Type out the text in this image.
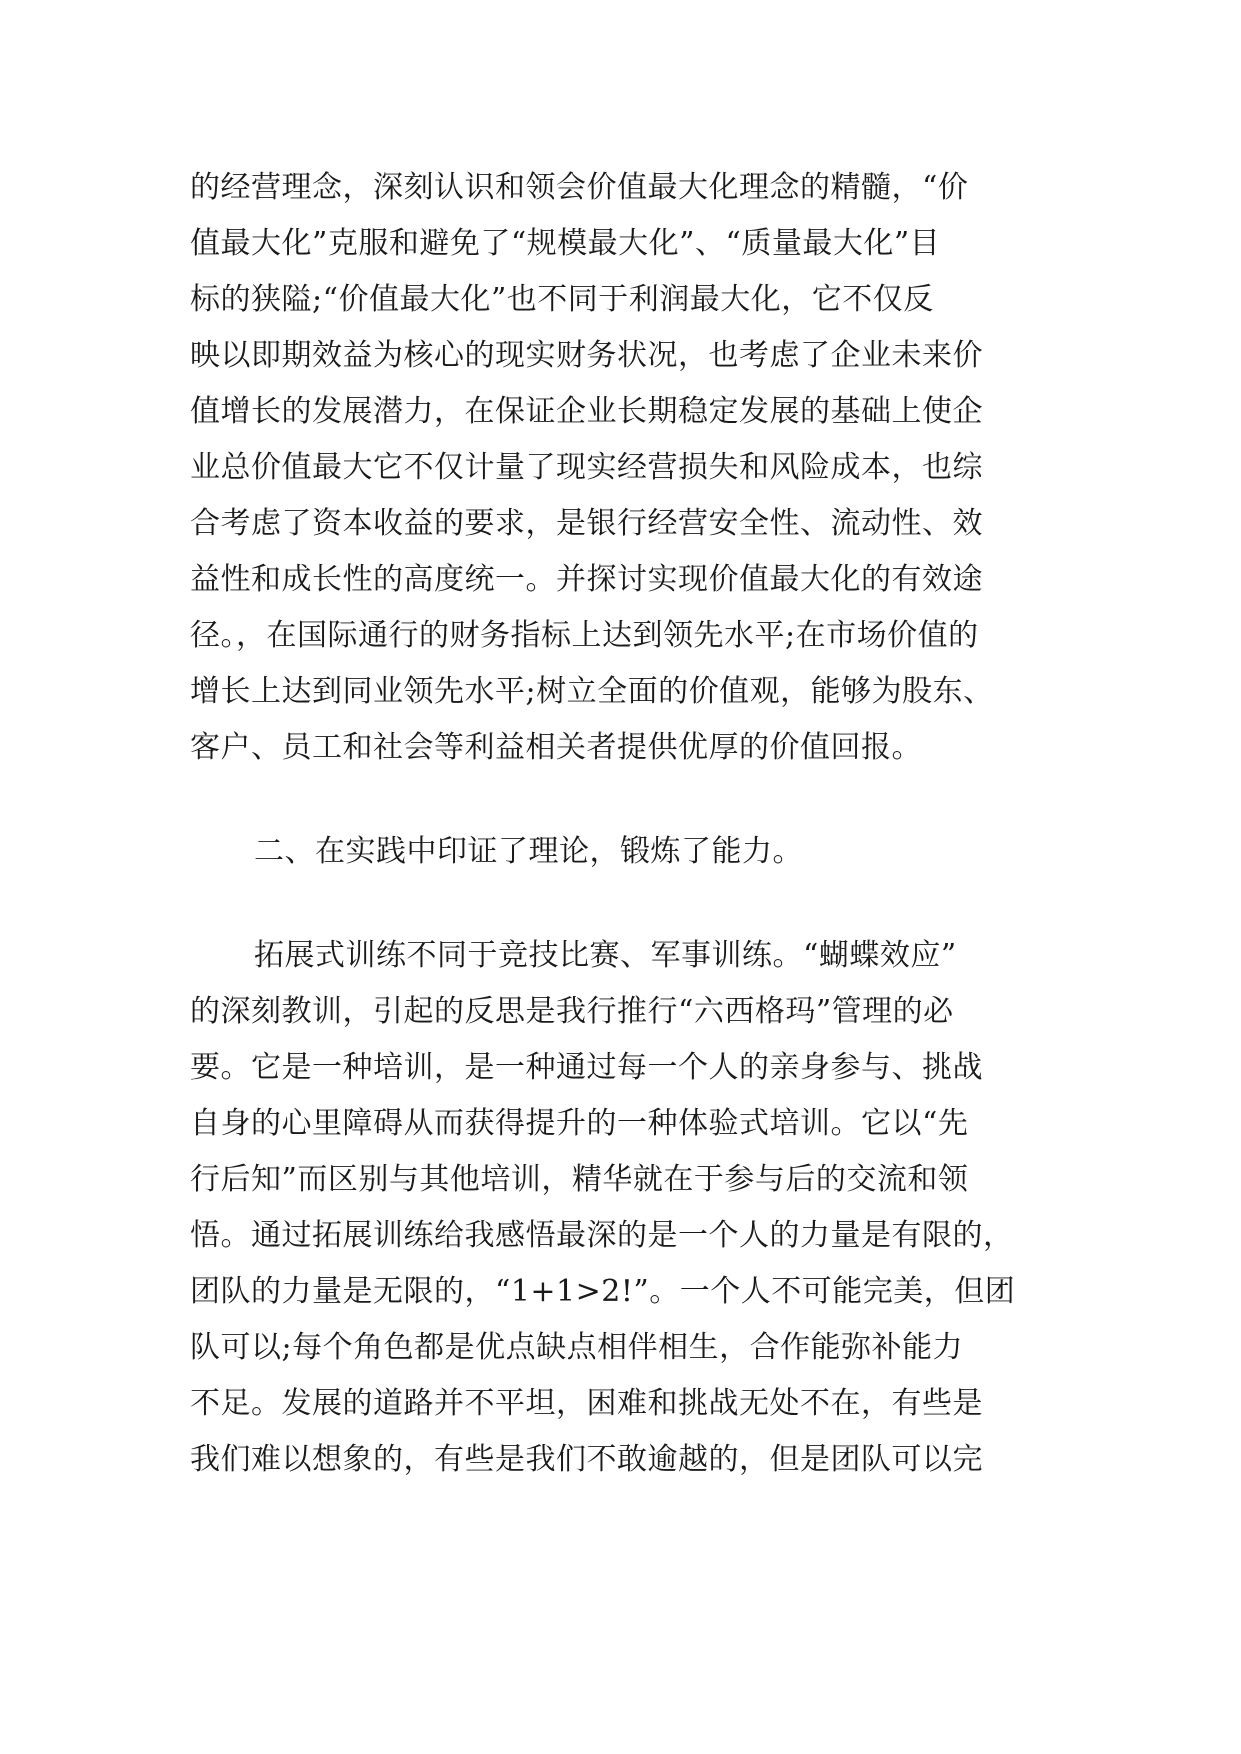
的经营理念，深刻认识和领会价值最大化理念的精髓，“价
值最大化”克服和避免了“规模最大化”、“质量最大化”目
标的狭隘;“价值最大化”也不同于利润最大化，它不仅反
映以即期效益为核心的现实财务状况，也考虑了企业未来价
值增长的发展潜力，在保证企业长期稳定发展的基础上使企
业总价值最大它不仅计量了现实经营损失和风险成本，也综
合考虑了资本收益的要求，是银行经营安全性、流动性、效
益性和成长性的高度统一。并探讨实现价值最大化的有效途
径。，在国际通行的财务指标上达到领先水平;在市场价值的
增长上达到同业领先水平;树立全面的价值观，能够为股东、
客户、员工和社会等利益相关者提供优厚的价值回报。
二、在实践中印证了理论，锻炼了能力。
拓展式训练不同于竞技比赛、军事训练。“蝴蝶效应”
的深刻教训，引起的反思是我行推行“六西格玛”管理的必
要。它是一种培训，是一种通过每一个人的亲身参与、挑战
自身的心里障碍从而获得提升的一种体验式培训。它以“先
行后知”而区别与其他培训，精华就在于参与后的交流和领
悟。通过拓展训练给我感悟最深的是一个人的力量是有限的，
团队的力量是无限的，“1+1>2!”。一个人不可能完美，但团
队可以;每个角色都是优点缺点相伴相生，合作能弥补能力
不足。发展的道路并不平坦，困难和挑战无处不在，有些是
我们难以想象的，有些是我们不敢逾越的，但是团队可以完
